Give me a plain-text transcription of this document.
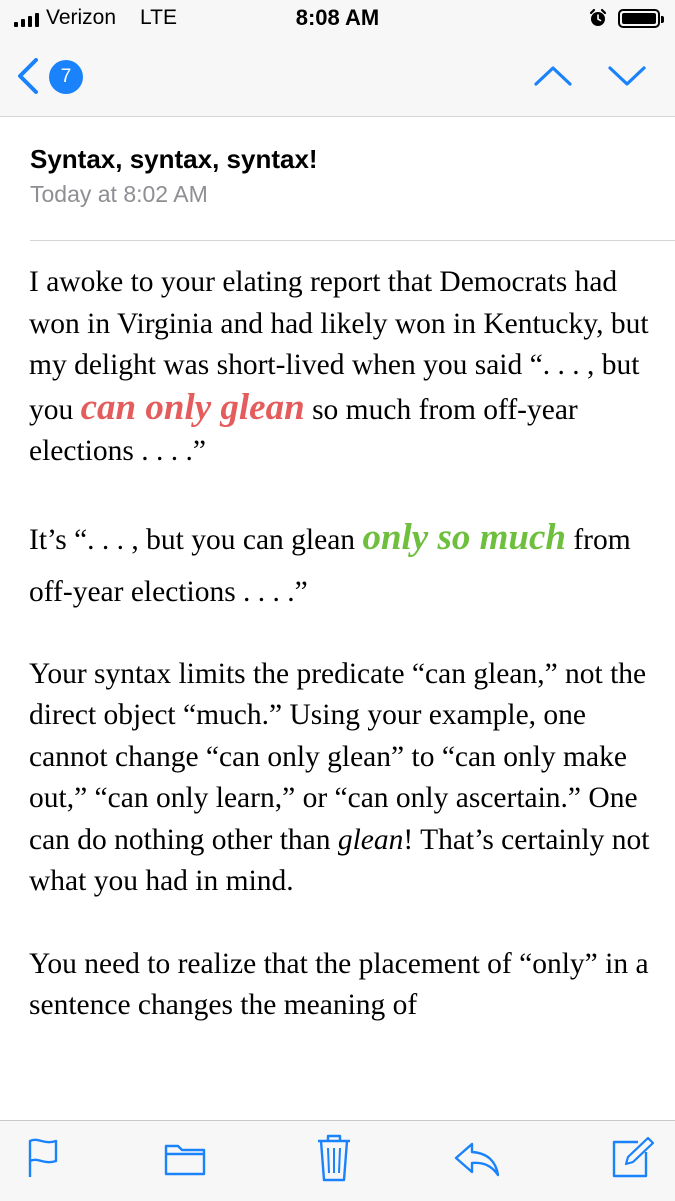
Verizon LTE	8:08 AM
7
Syntax, syntax, syntax!
Today at 8:02 AM

I awoke to your elating report that Democrats had won in Virginia and had likely won in Kentucky, but my delight was short-lived when you said “. . . , but you can only glean so much from off-year elections . . . .”

It’s “. . . , but you can glean only so much from off-year elections . . . .”

Your syntax limits the predicate “can glean,” not the direct object “much.” Using your example, one cannot change “can only glean” to “can only make out,” “can only learn,” or “can only ascertain.” One can do nothing other than glean! That’s certainly not what you had in mind.

You need to realize that the placement of “only” in a sentence changes the meaning of
